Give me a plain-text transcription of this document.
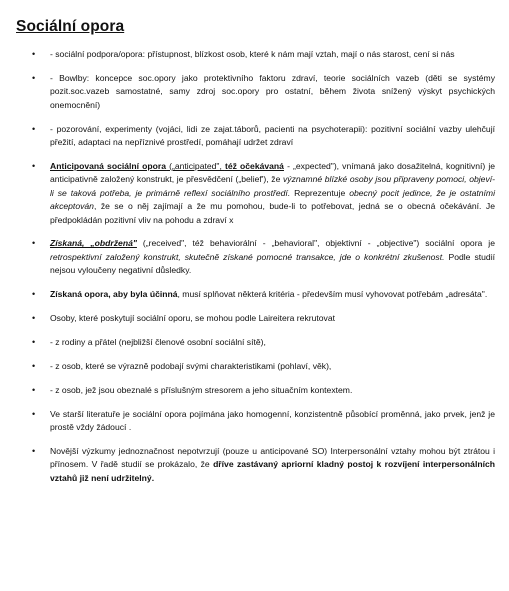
Sociální opora
• - sociální podpora/opora: přístupnost, blízkost osob, které k nám mají vztah, mají o nás starost, cení si nás
• - Bowlby: koncepce soc.opory jako protektivního faktoru zdraví, teorie sociálních vazeb (děti se systémy pozit.soc.vazeb samostatné, samy zdroj soc.opory pro ostatní, během života snížený výskyt psychických onemocnění)
• - pozorování, experimenty (vojáci, lidi ze zajat.táborů, pacienti na psychoterapii): pozitivní sociální vazby ulehčují přežití, adaptaci na nepříznivé prostředí, pomáhají udržet zdraví
• Anticipovaná sociální opora („anticipated", též očekávaná - „expected"), vnímaná jako dosažitelná, kognitivní) je anticipativně založený konstrukt, je přesvědčení („belief'), že významné blízké osoby jsou připraveny pomoci, objeví-li se taková potřeba, je primárně reflexí sociálního prostředí. Reprezentuje obecný pocit jedince, že je ostatními akceptován, že se o něj zajímají a že mu pomohou, bude-li to potřebovat, jedná se o obecná očekávání. Je předpokládán pozitivní vliv na pohodu a zdraví x
• Získaná, „obdržená" („received", též behaviorální - „behavioral", objektivní - „objective") sociální opora je retrospektivní založený konstrukt, skutečně získané pomocné transakce, jde o konkrétní zkušenost. Podle studií nejsou vyloučeny negativní důsledky.
• Získaná opora, aby byla účinná, musí splňovat některá kritéria - především musí vyhovovat potřebám „adresáta".
• Osoby, které poskytují sociální oporu, se mohou podle Laireitera rekrutovat
• - z rodiny a přátel (nejbližší členové osobní sociální sítě),
• - z osob, které se výrazně podobají svými charakteristikami (pohlaví, věk),
• - z osob, jež jsou obeznalé s příslušným stresorem a jeho situačním kontextem.
• Ve starší literatuře je sociální opora pojímána jako homogenní, konzistentně působící proměnná, jako prvek, jenž je prostě vždy žádoucí .
• Novější výzkumy jednoznačnost nepotvrzují (pouze u anticipované SO) Interpersonální vztahy mohou být ztrátou i přínosem. V řadě studií se prokázalo, že dříve zastávaný apriorní kladný postoj k rozvíjení interpersonálních vztahů již není udržitelný.
